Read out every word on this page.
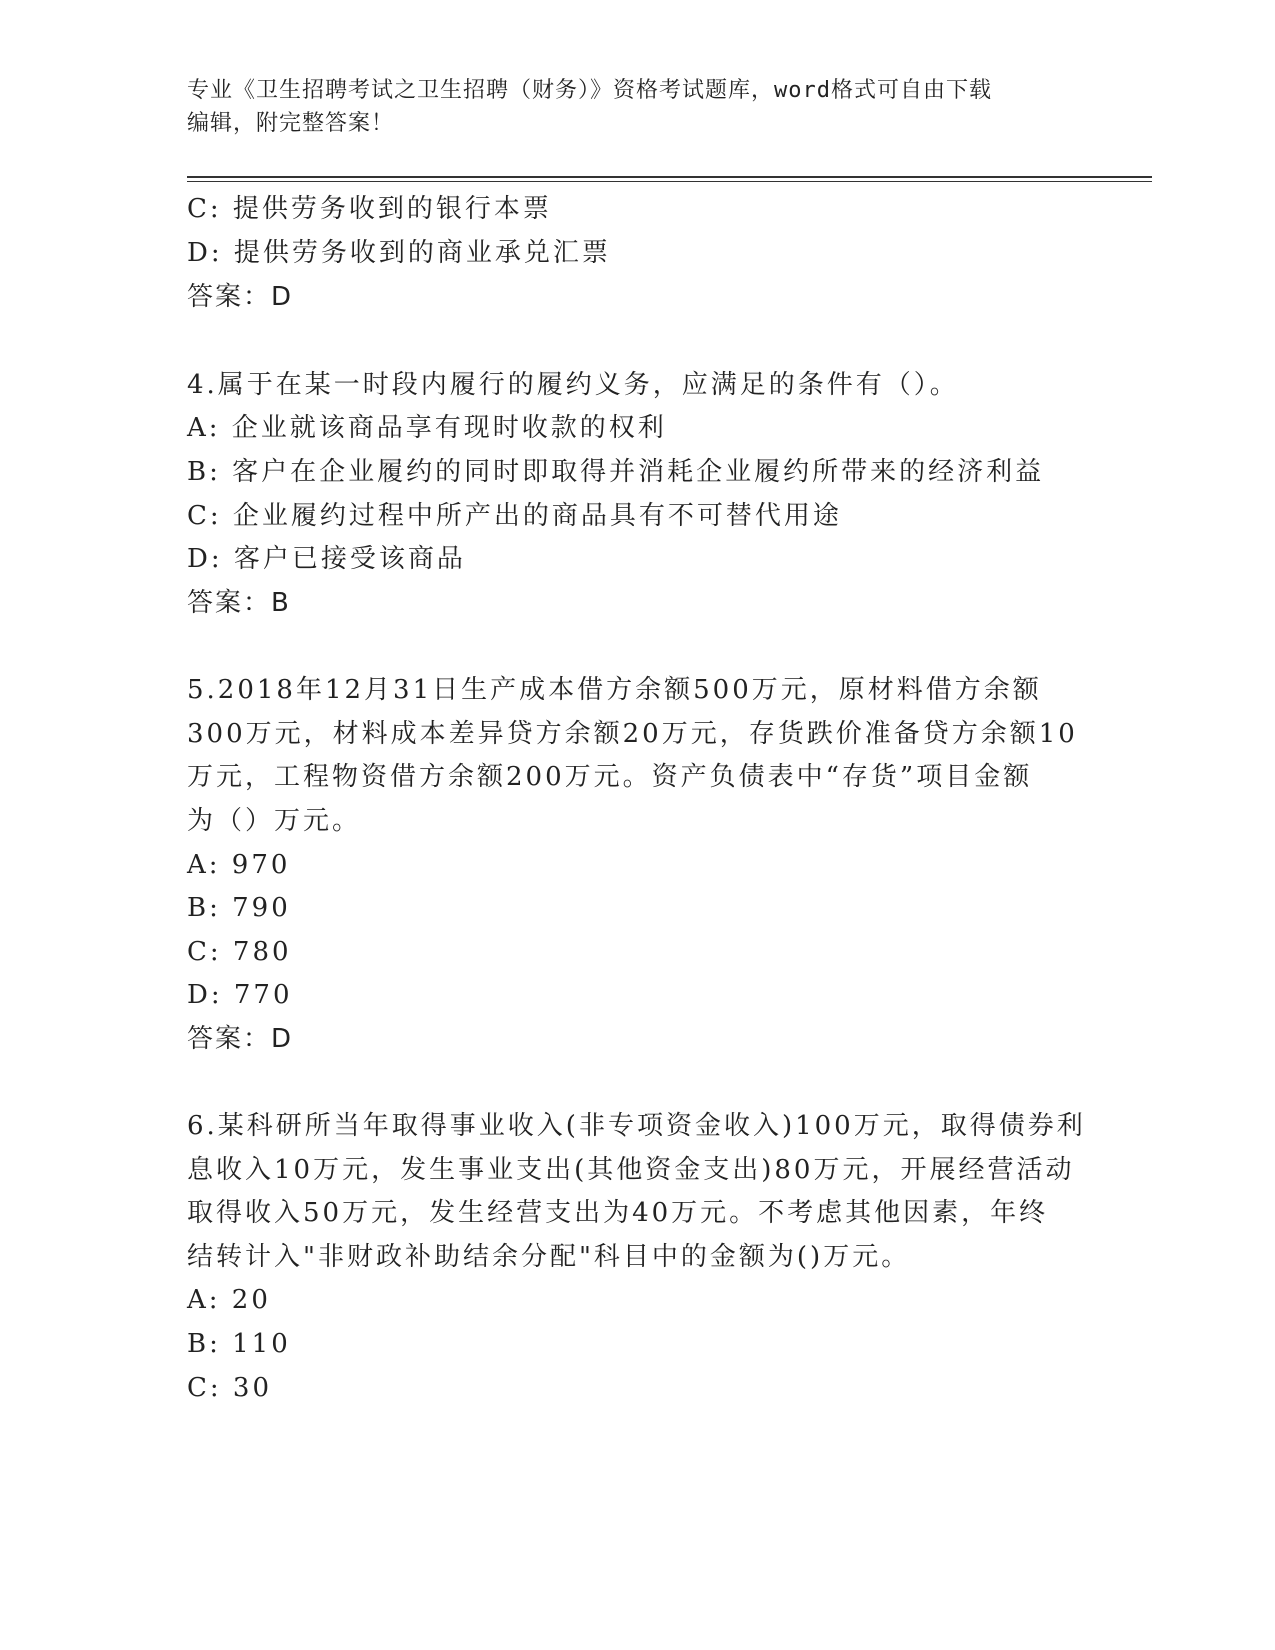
专业《卫生招聘考试之卫生招聘（财务）》资格考试题库，word格式可自由下载
编辑，附完整答案！
C: 提供劳务收到的银行本票
D: 提供劳务收到的商业承兑汇票
答案：D
4.属于在某一时段内履行的履约义务，应满足的条件有（）。
A: 企业就该商品享有现时收款的权利
B: 客户在企业履约的同时即取得并消耗企业履约所带来的经济利益
C: 企业履约过程中所产出的商品具有不可替代用途
D: 客户已接受该商品
答案：B
5.2018年12月31日生产成本借方余额500万元，原材料借方余额
300万元，材料成本差异贷方余额20万元，存货跌价准备贷方余额10
万元，工程物资借方余额200万元。资产负债表中“存货”项目金额
为（）万元。
A: 970
B: 790
C: 780
D: 770
答案：D
6.某科研所当年取得事业收入(非专项资金收入)100万元，取得债券利
息收入10万元，发生事业支出(其他资金支出)80万元，开展经营活动
取得收入50万元，发生经营支出为40万元。不考虑其他因素，年终
结转计入"非财政补助结余分配"科目中的金额为()万元。
A: 20
B: 110
C: 30
